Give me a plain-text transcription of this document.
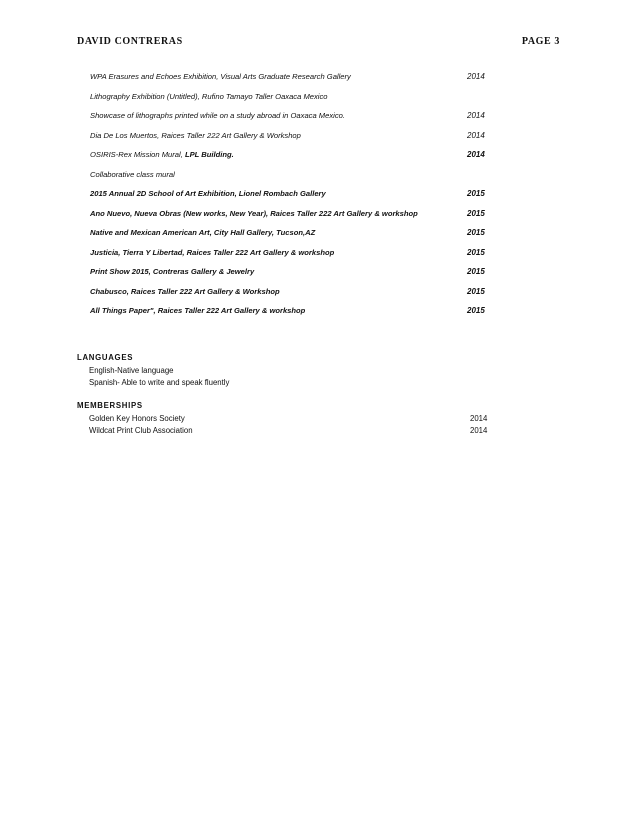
DAVID CONTRERAS	PAGE 3
WPA Erasures and Echoes Exhibition, Visual Arts Graduate Research Gallery	2014
Lithography Exhibition (Untitled), Rufino Tamayo Taller Oaxaca Mexico
Showcase of lithographs printed while on a study abroad in Oaxaca Mexico.	2014
Dia De Los Muertos, Raices Taller 222 Art Gallery & Workshop	2014
OSIRIS-Rex Mission Mural, LPL Building.	2014
Collaborative class mural
2015 Annual 2D School of Art Exhibition, Lionel Rombach Gallery	2015
Ano Nuevo, Nueva Obras (New works, New Year), Raices Taller 222 Art Gallery & workshop	2015
Native and Mexican American Art, City Hall Gallery, Tucson,AZ	2015
Justicia, Tierra Y Libertad, Raices Taller 222 Art Gallery & workshop	2015
Print Show 2015, Contreras Gallery & Jewelry	2015
Chabusco, Raices Taller 222 Art Gallery & Workshop	2015
All Things Paper", Raices Taller 222 Art Gallery & workshop	2015
LANGUAGES
English-Native language
Spanish- Able to write and speak fluently
MEMBERSHIPS
Golden Key Honors Society	2014
Wildcat Print Club Association	2014
